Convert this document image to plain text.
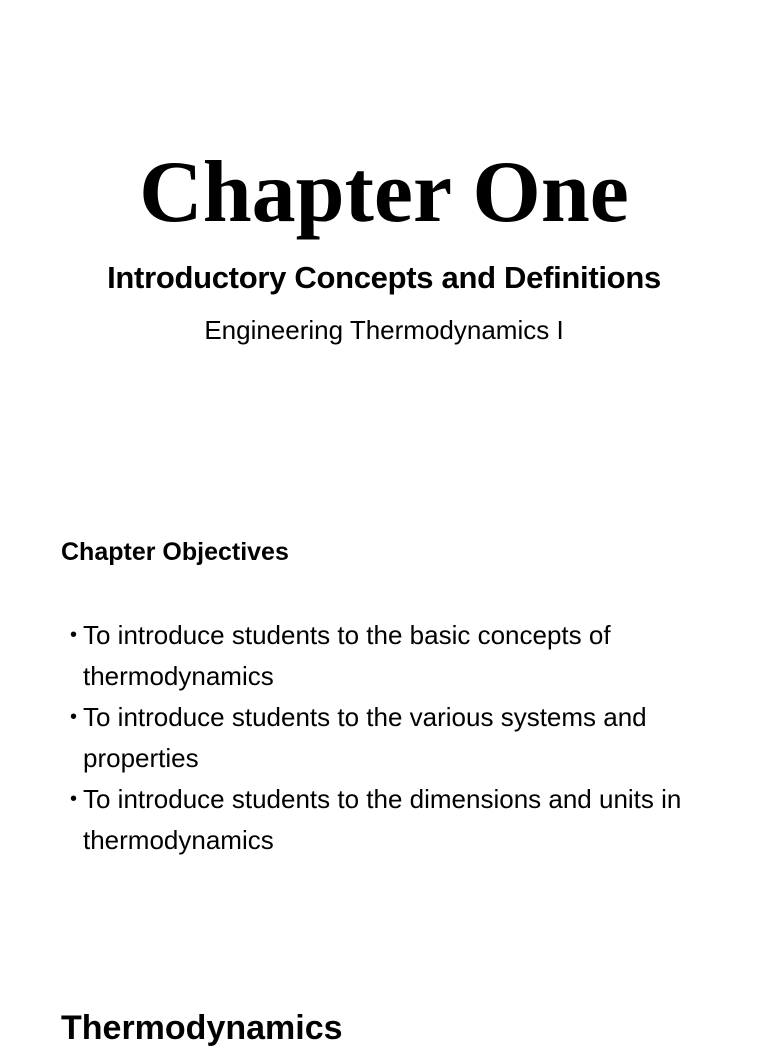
Chapter One
Introductory Concepts and Definitions

Engineering Thermodynamics I

Chapter Objectives
• To introduce students to the basic concepts of thermodynamics
• To introduce students to the various systems and properties
• To introduce students to the dimensions and units in thermodynamics
Thermodynamics
